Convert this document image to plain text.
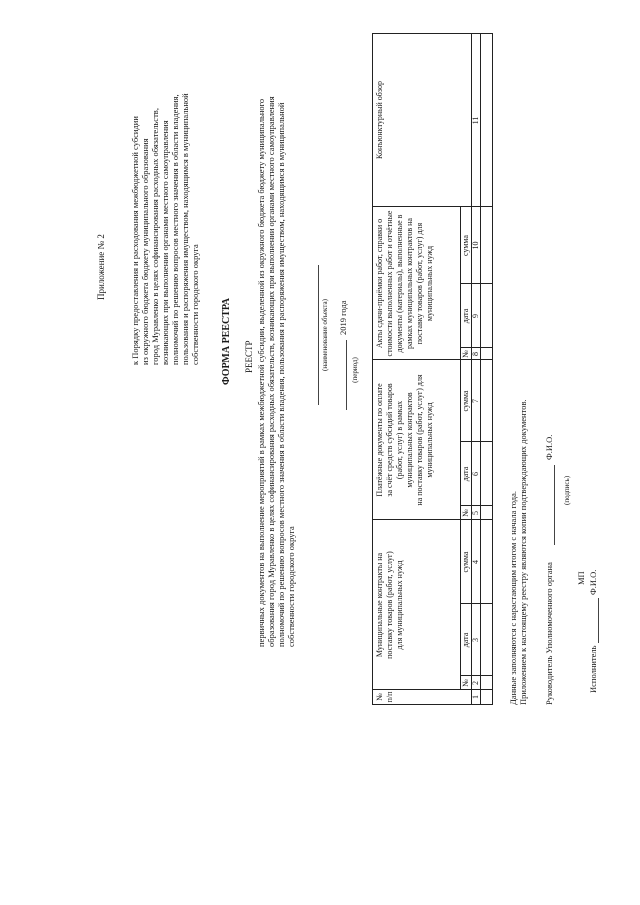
Приложение № 2	к Порядку предоставления и расходования межбюджетной субсидии из окружного бюджета бюджету муниципального образования город Муравленко в целях софинансирования расходных обязательств, возникающих при выполнении органами местного самоуправления полномочий по решению вопросов местного значения в области владения, пользования и распоряжения имуществом, находящимся в муниципальной собственности городского округа ФОРМА РЕЕСТРА РЕЕСТР первичных документов на выполнение мероприятий в рамках межбюджетной субсидии, выделенной из окружного бюджета бюджету муниципального образования город Муравленко в целях софинансирования расходных обязательств, возникающих при выполнении органами местного самоуправления полномочий по решению вопросов местного значения в области владения, пользования и распоряжения имуществом, находящимся в муниципальной собственности городского округа
(наименование объекта) 2019 года
(период)
№ п/п
Муниципальные контракты на поставку товаров (работ, услуг) для муниципальных нужд
Платёжные документы по оплате за счёт средств субсидий товаров (работ, услуг) в рамках муниципальных контрактов на поставку товаров (работ, услуг) для муниципальных нужд
Акты сдачи-приёмки работ, справки о стоимости выполненных работ и отчётные документы (материалы), выполненные в рамках муниципальных контрактов на поставку товаров (работ, услуг) для муниципальных нужд
Конъюнктурный обзор
№
дата
сумма
№
дата
сумма
№
дата
сумма
1
2
3
4
5
6
7
8
9
10
11
Данные заполняются с нарастающим итогом с начала года. Приложением к настоящему реестру являются копии подтверждающих документов. Руководитель Уполномоченного органа
Ф.И.О.
(подпись)
МП
Исполнитель
Ф.И.О.
